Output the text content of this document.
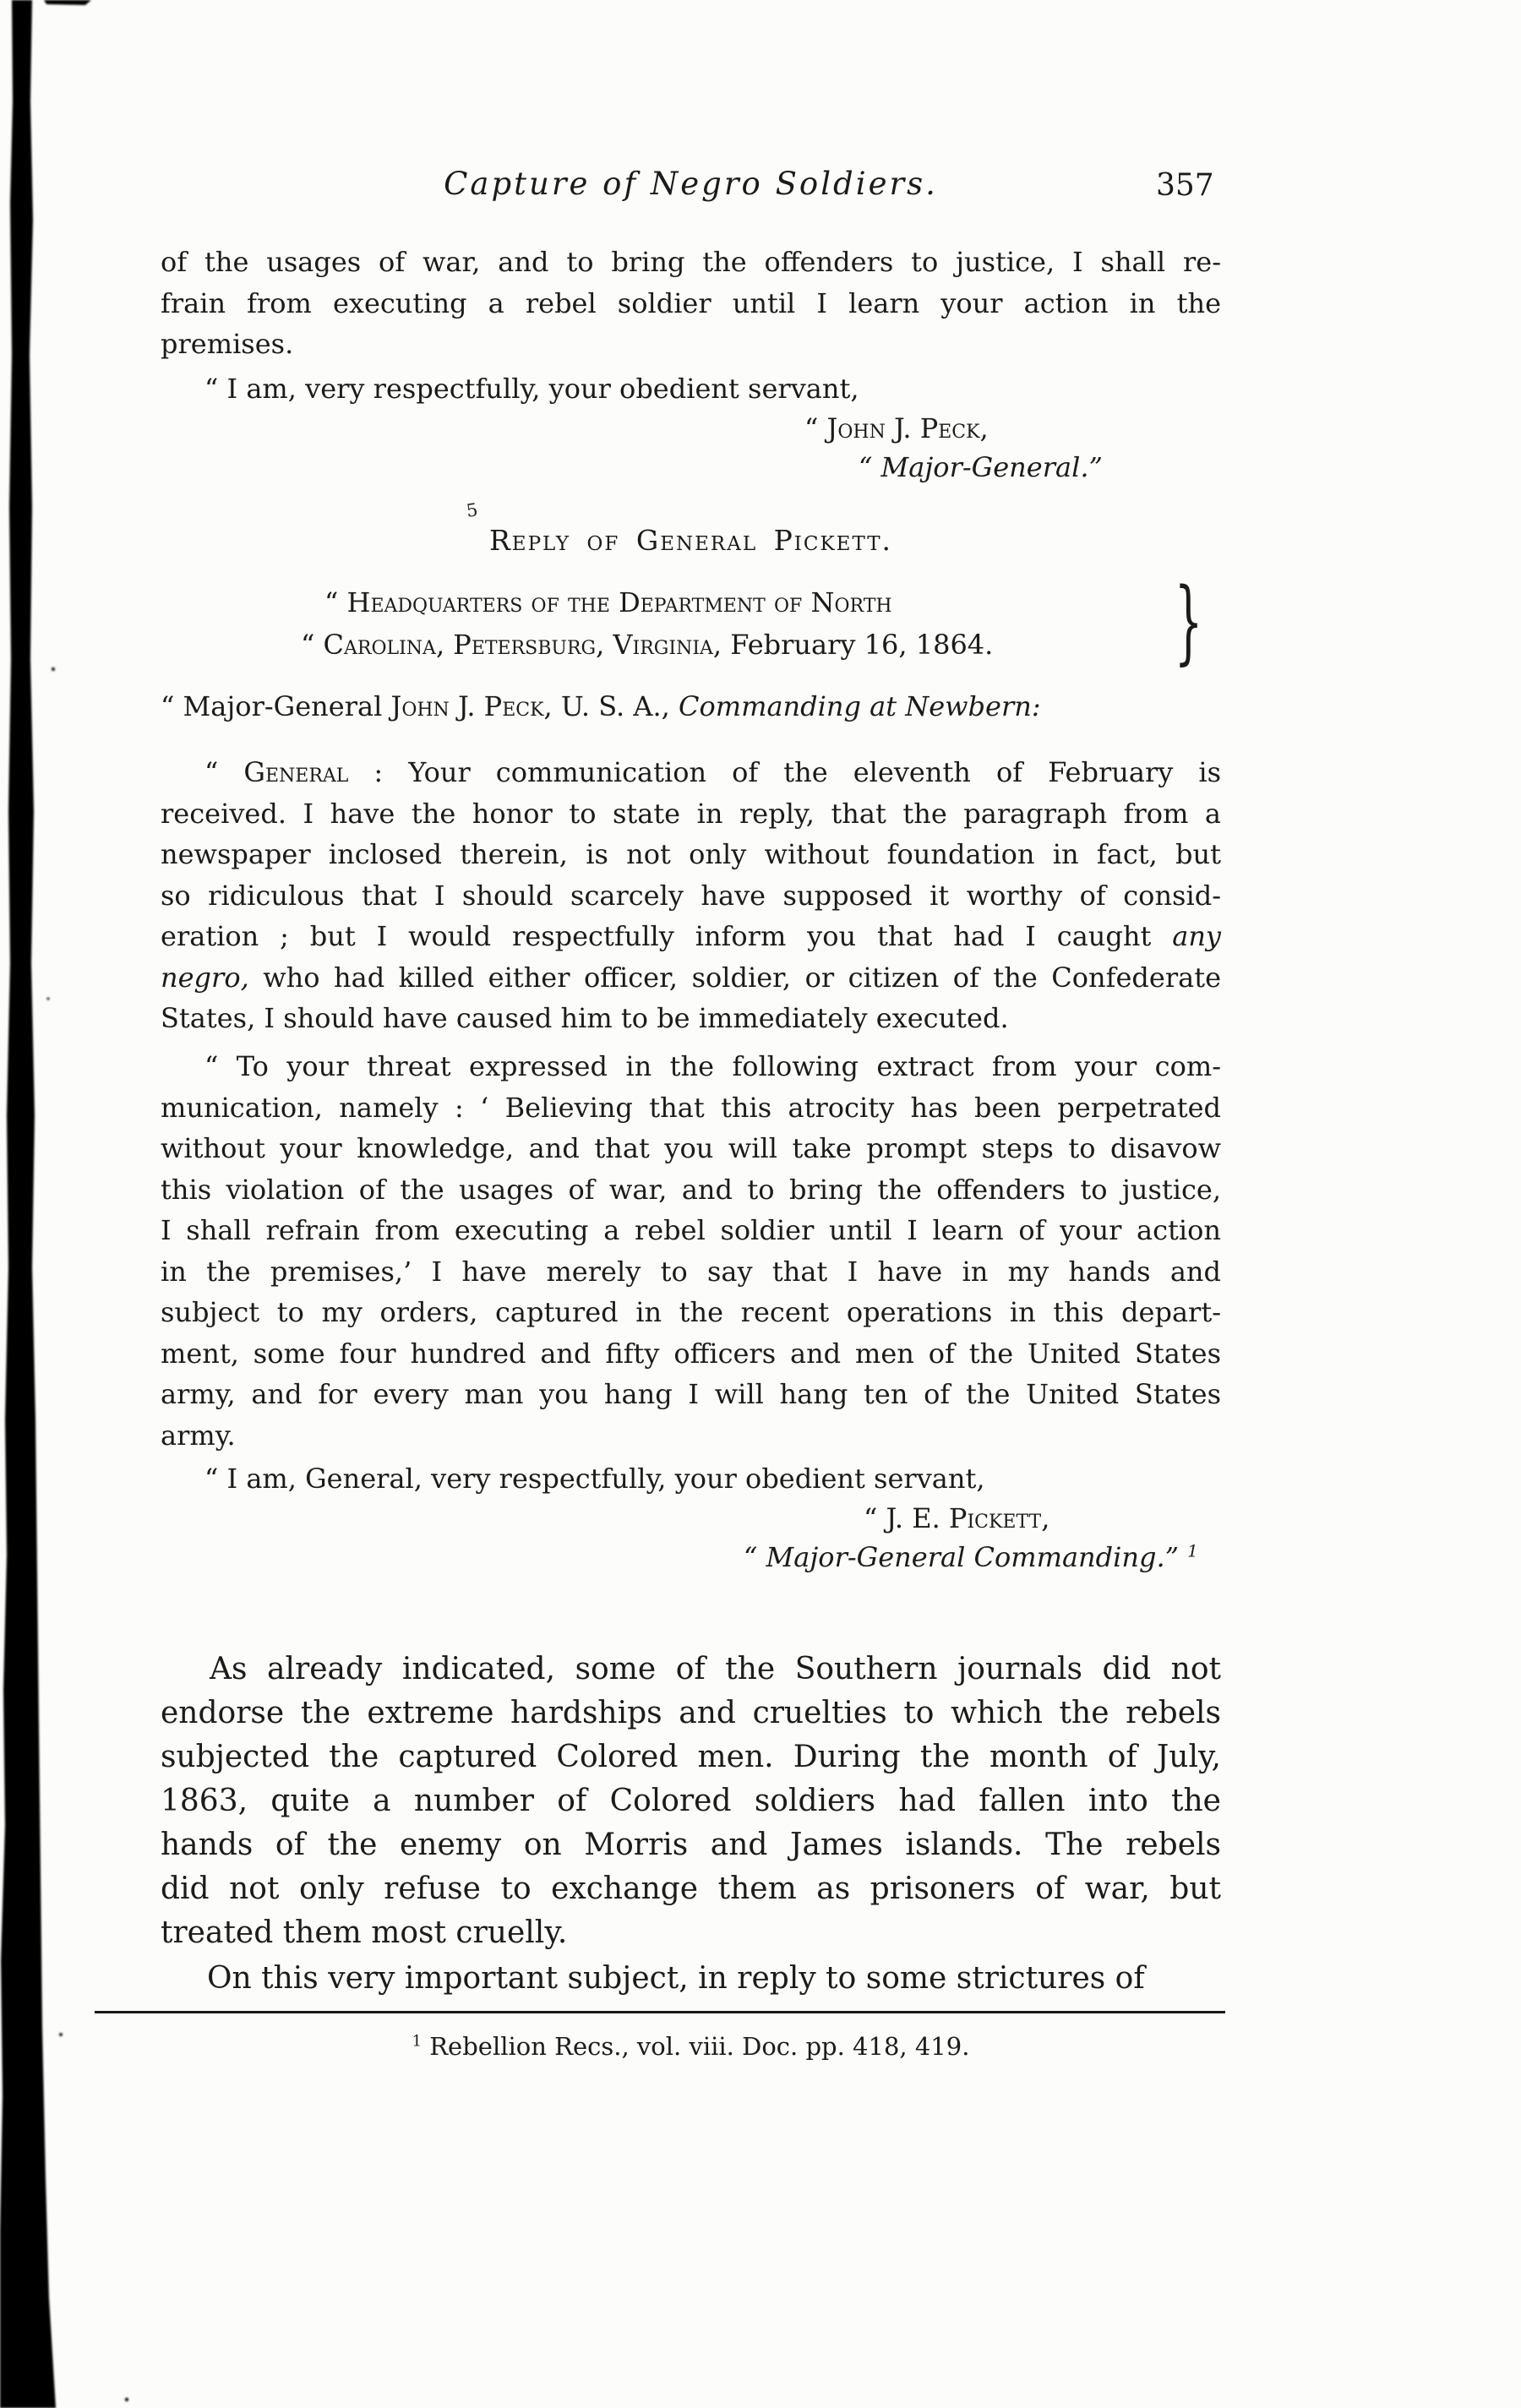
Capture of Negro Soldiers.	357
of the usages of war, and to bring the offenders to justice, I shall re-
frain from executing a rebel soldier until I learn your action in the
premises.
“ I am, very respectfully, your obedient servant,
“ John J. Peck,
“ Major-General.”
5
Reply of General Pickett.
“ Headquarters of the Department of North
“ Carolina, Petersburg, Virginia, February 16, 1864.	}
“ Major-General John J. Peck, U. S. A., Commanding at Newbern:
“ General : Your communication of the eleventh of February is
received. I have the honor to state in reply, that the paragraph from a
newspaper inclosed therein, is not only without foundation in fact, but
so ridiculous that I should scarcely have supposed it worthy of consid-
eration ; but I would respectfully inform you that had I caught any
negro, who had killed either officer, soldier, or citizen of the Confederate
States, I should have caused him to be immediately executed.
“ To your threat expressed in the following extract from your com-
munication, namely : ‘ Believing that this atrocity has been perpetrated
without your knowledge, and that you will take prompt steps to disavow
this violation of the usages of war, and to bring the offenders to justice,
I shall refrain from executing a rebel soldier until I learn of your action
in the premises,’ I have merely to say that I have in my hands and
subject to my orders, captured in the recent operations in this depart-
ment, some four hundred and fifty officers and men of the United States
army, and for every man you hang I will hang ten of the United States
army.
“ I am, General, very respectfully, your obedient servant,
“ J. E. Pickett,
“ Major-General Commanding.” $^1$
As already indicated, some of the Southern journals did not
endorse the extreme hardships and cruelties to which the rebels
subjected the captured Colored men. During the month of July,
1863, quite a number of Colored soldiers had fallen into the
hands of the enemy on Morris and James islands. The rebels
did not only refuse to exchange them as prisoners of war, but
treated them most cruelly.
On this very important subject, in reply to some strictures of
$^1$ Rebellion Recs., vol. viii. Doc. pp. 418, 419.
